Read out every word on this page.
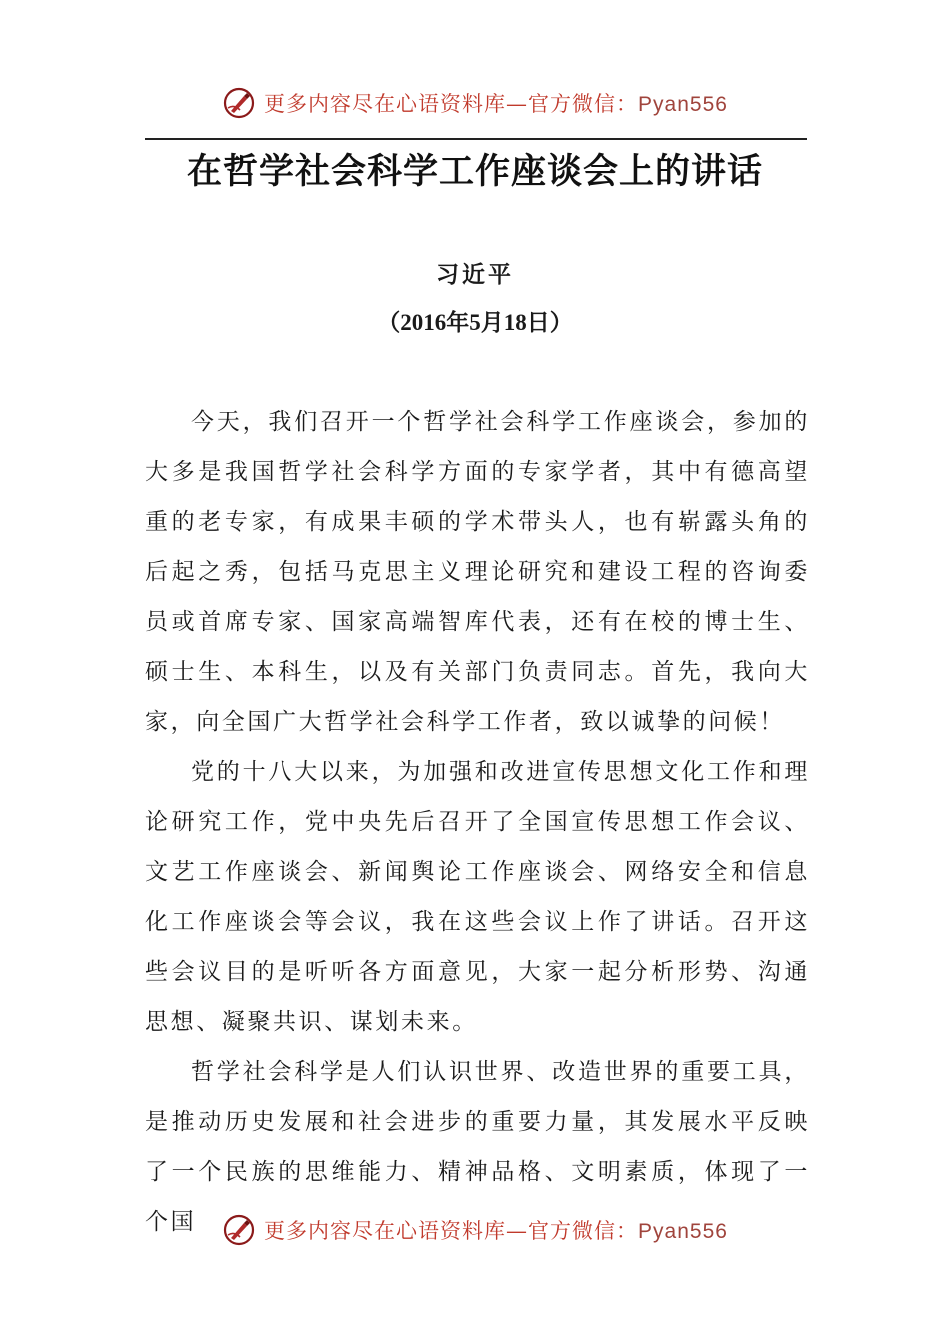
更多内容尽在心语资料库—官方微信：Pyan556
在哲学社会科学工作座谈会上的讲话
习近平
（2016年5月18日）

今天，我们召开一个哲学社会科学工作座谈会，参加的大多是我国哲学社会科学方面的专家学者，其中有德高望重的老专家，有成果丰硕的学术带头人，也有崭露头角的后起之秀，包括马克思主义理论研究和建设工程的咨询委员或首席专家、国家高端智库代表，还有在校的博士生、硕士生、本科生，以及有关部门负责同志。首先，我向大家，向全国广大哲学社会科学工作者，致以诚挚的问候！

党的十八大以来，为加强和改进宣传思想文化工作和理论研究工作，党中央先后召开了全国宣传思想工作会议、文艺工作座谈会、新闻舆论工作座谈会、网络安全和信息化工作座谈会等会议，我在这些会议上作了讲话。召开这些会议目的是听听各方面意见，大家一起分析形势、沟通思想、凝聚共识、谋划未来。

哲学社会科学是人们认识世界、改造世界的重要工具，是推动历史发展和社会进步的重要力量，其发展水平反映了一个民族的思维能力、精神品格、文明素质，体现了一个国	更多内容尽在心语资料库—官方微信：Pyan556
